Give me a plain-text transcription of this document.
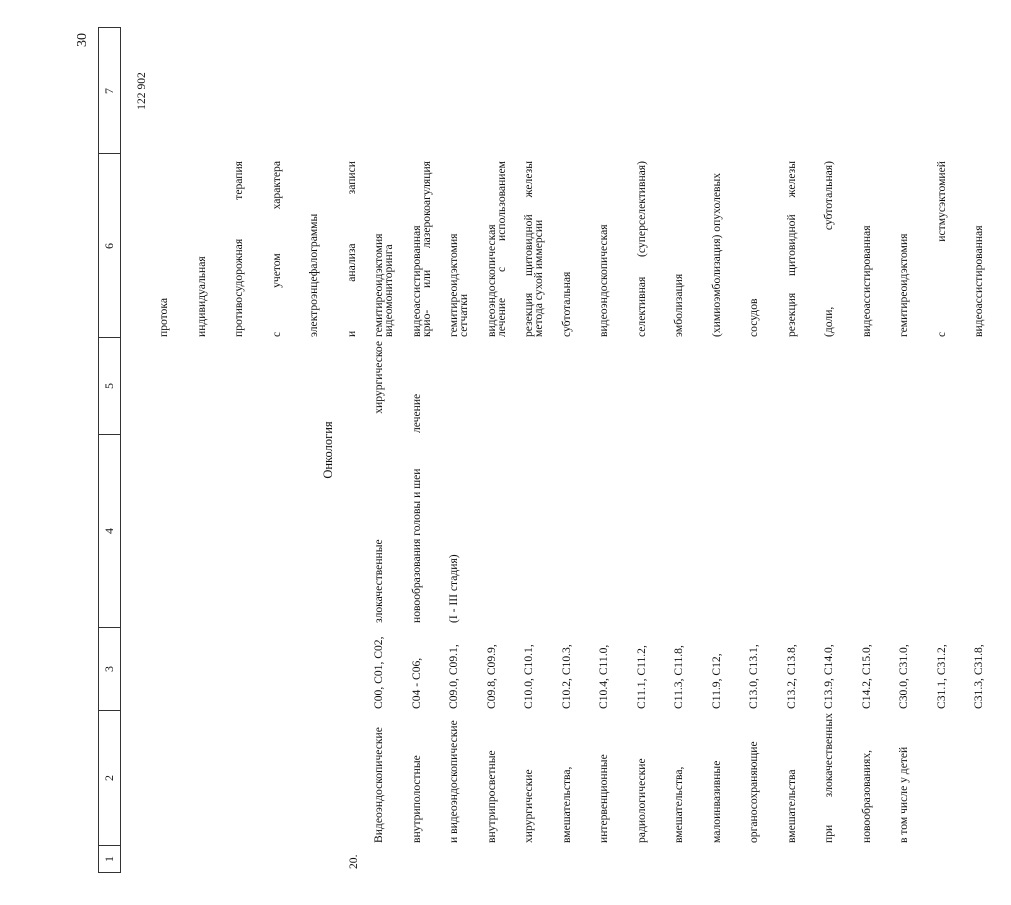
30
1
2
3
4
5
6
7

протока

индивидуальная

противосудорожная
терапия

с
учетом
характера

электроэнцефалограммы

и
анализа
записи

видеомониторинга

крио-
или
лазерокоагуляция

сетчатки

лечение
с
использованием

метода сухой иммерсии

Онкология
20.

Видеоэндоскопические

внутриполостные

и видеоэндоскопические

внутрипросветные

хирургические

вмешательства,

интервенционные

радиологические

вмешательства,

малоинвазивные

органосохраняющие

вмешательства

при
злокачественных

новообразованиях,

в том числе у детей

C00, C01, C02,

C04 - C06,

C09.0, C09.1,

C09.8, C09.9,

C10.0, C10.1,

C10.2, C10.3,

C10.4, C11.0,

C11.1, C11.2,

C11.3, C11.8,

C11.9, C12,

C13.0, C13.1,

C13.2, C13.8,

C13.9, C14.0,

C14.2, C15.0,

C30.0, C31.0,

C31.1, C31.2,

C31.3, C31.8,

злокачественные

новообразования головы и шеи

(I - III стадия)

хирургическое

лечение

гемитиреоидэктомия

видеоассистированная

гемитиреоидэктомия

видеоэндоскопическая

резекция
щитовидной
железы

субтотальная

видеоэндоскопическая

селективная
(суперселективная)

эмболизация

(химиоэмболизация) опухолевых

сосудов

резекция
щитовидной
железы

(доли,
субтотальная)

видеоассистированная

гемитиреоидэктомия

с
истмусэктомией

видеоассистированная

122 902
